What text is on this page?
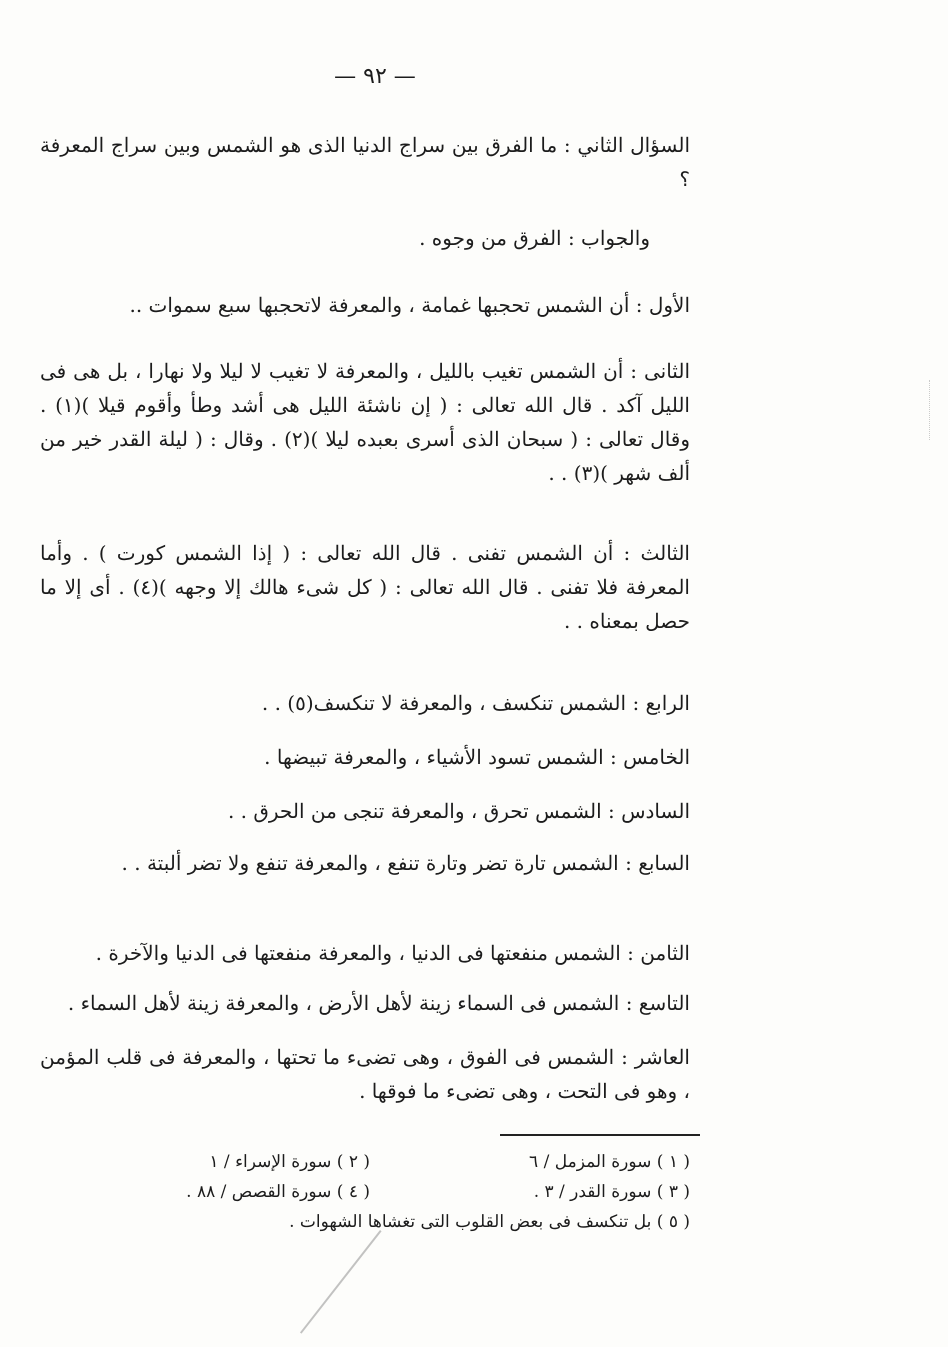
— ٩٢ —
السؤال الثاني : ما الفرق بين سراج الدنيا الذى هو الشمس وبين سراج المعرفة ؟
والجواب : الفرق من وجوه .
الأول : أن الشمس تحجبها غمامة ، والمعرفة لاتحجبها سبع سموات ..
الثانى : أن الشمس تغيب بالليل ، والمعرفة لا تغيب لا ليلا ولا نهارا ، بل هى فى الليل آكد . قال الله تعالى : ( إن ناشئة الليل هى أشد وطأ وأقوم قيلا )(١) . وقال تعالى : ( سبحان الذى أسرى بعبده ليلا )(٢) . وقال : ( ليلة القدر خير من ألف شهر )(٣) . .
الثالث : أن الشمس تفنى . قال الله تعالى : ( إذا الشمس كورت ) . وأما المعرفة فلا تفنى . قال الله تعالى : ( كل شىء هالك إلا وجهه )(٤) . أى إلا ما حصل بمعناه . .
الرابع : الشمس تنكسف ، والمعرفة لا تنكسف(٥) . .
الخامس : الشمس تسود الأشياء ، والمعرفة تبيضها .
السادس : الشمس تحرق ، والمعرفة تنجى من الحرق . .
السابع : الشمس تارة تضر وتارة تنفع ، والمعرفة تنفع ولا تضر ألبتة . .
الثامن : الشمس منفعتها فى الدنيا ، والمعرفة منفعتها فى الدنيا والآخرة .
التاسع : الشمس فى السماء زينة لأهل الأرض ، والمعرفة زينة لأهل السماء .
العاشر : الشمس فى الفوق ، وهى تضىء ما تحتها ، والمعرفة فى قلب المؤمن ، وهو فى التحت ، وهى تضىء ما فوقها .
( ١ ) سورة المزمل / ٦
( ٢ ) سورة الإسراء / ١
( ٣ ) سورة القدر / ٣ .
( ٤ ) سورة القصص / ٨٨ .
( ٥ ) بل تنكسف فى بعض القلوب التى تغشاها الشهوات .
